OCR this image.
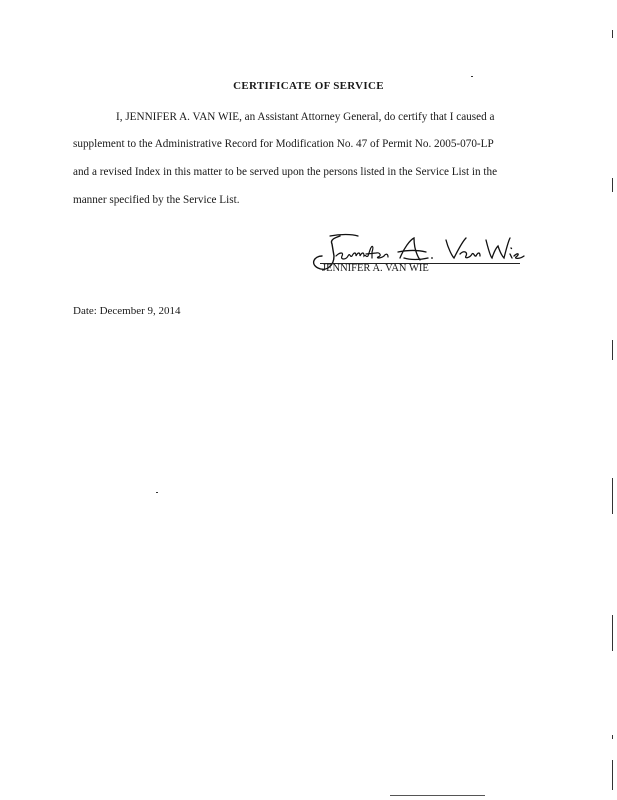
CERTIFICATE OF SERVICE
I, JENNIFER A. VAN WIE, an Assistant Attorney General, do certify that I caused a
supplement to the Administrative Record for Modification No. 47 of Permit No. 2005-070-LP
and a revised Index in this matter to be served upon the persons listed in the Service List in the
manner specified by the Service List.
JENNIFER A. VAN WIE
Date: December 9, 2014
